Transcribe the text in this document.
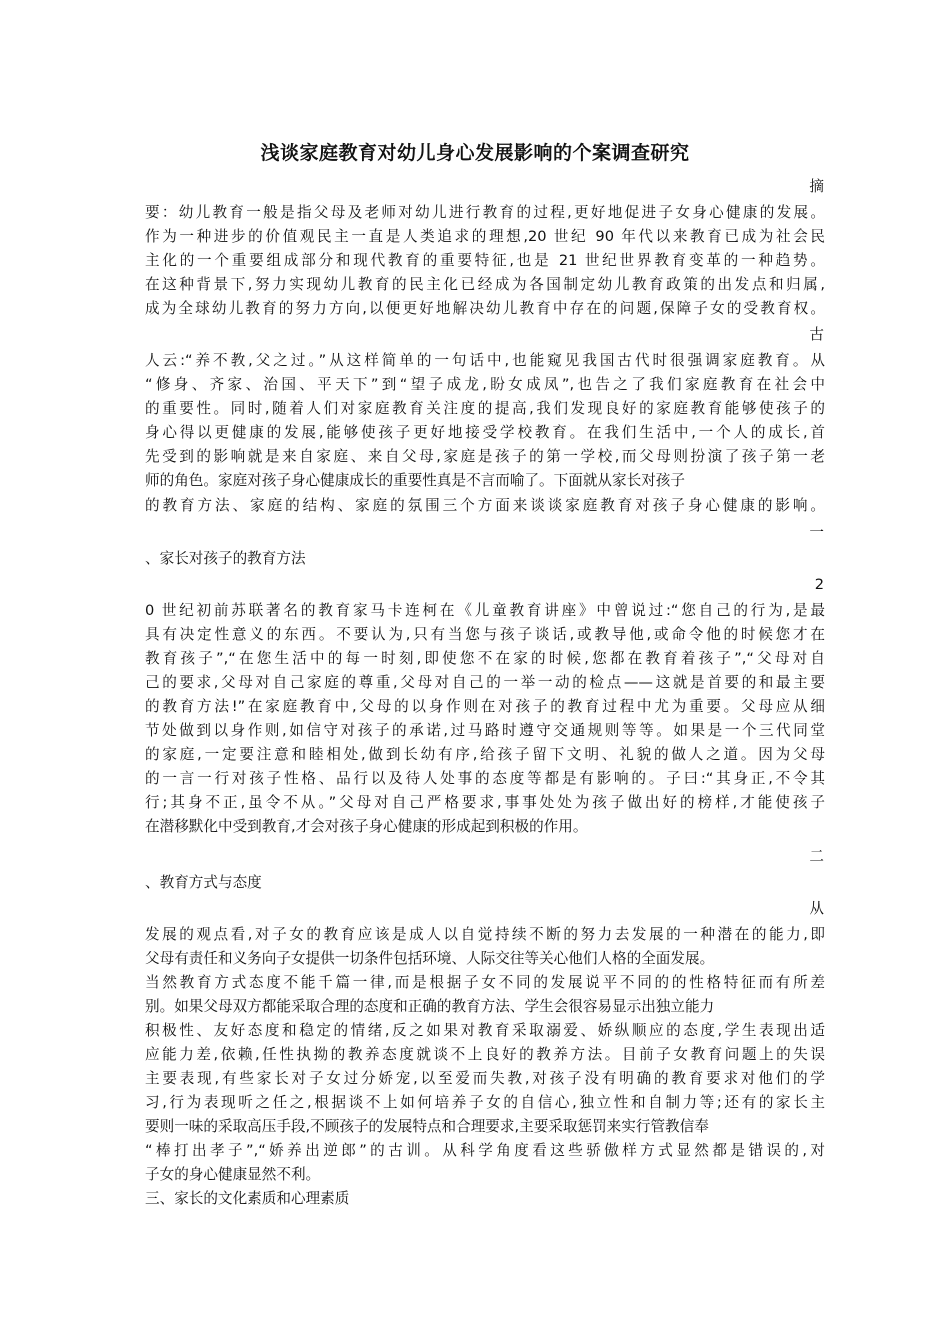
浅谈家庭教育对幼儿身心发展影响的个案调查研究
摘
要：幼儿教育一般是指父母及老师对幼儿进行教育的过程,更好地促进子女身心健康的发展。
作为一种进步的价值观民主一直是人类追求的理想,20 世纪 90 年代以来教育已成为社会民
主化的一个重要组成部分和现代教育的重要特征,也是 21 世纪世界教育变革的一种趋势。
在这种背景下,努力实现幼儿教育的民主化已经成为各国制定幼儿教育政策的出发点和归属,
成为全球幼儿教育的努力方向,以便更好地解决幼儿教育中存在的问题,保障子女的受教育权。
古
人云:“养不教,父之过。”从这样简单的一句话中,也能窥见我国古代时很强调家庭教育。从
“修身、齐家、治国、平天下”到“望子成龙,盼女成凤”,也告之了我们家庭教育在社会中
的重要性。同时,随着人们对家庭教育关注度的提高,我们发现良好的家庭教育能够使孩子的
身心得以更健康的发展,能够使孩子更好地接受学校教育。在我们生活中,一个人的成长,首
先受到的影响就是来自家庭、来自父母,家庭是孩子的第一学校,而父母则扮演了孩子第一老
师的角色。家庭对孩子身心健康成长的重要性真是不言而喻了。下面就从家长对孩子
的教育方法、家庭的结构、家庭的氛围三个方面来谈谈家庭教育对孩子身心健康的影响。
一
、家长对孩子的教育方法
2
0 世纪初前苏联著名的教育家马卡连柯在《儿童教育讲座》中曾说过:“您自己的行为,是最
具有决定性意义的东西。不要认为,只有当您与孩子谈话,或教导他,或命令他的时候您才在
教育孩子”,“在您生活中的每一时刻,即使您不在家的时候,您都在教育着孩子”,“父母对自
己的要求,父母对自己家庭的尊重,父母对自己的一举一动的检点——这就是首要的和最主要
的教育方法!”在家庭教育中,父母的以身作则在对孩子的教育过程中尤为重要。父母应从细
节处做到以身作则,如信守对孩子的承诺,过马路时遵守交通规则等等。如果是一个三代同堂
的家庭,一定要注意和睦相处,做到长幼有序,给孩子留下文明、礼貌的做人之道。因为父母
的一言一行对孩子性格、品行以及待人处事的态度等都是有影响的。子曰:“其身正,不令其
行;其身不正,虽令不从。”父母对自己严格要求,事事处处为孩子做出好的榜样,才能使孩子
在潜移默化中受到教育,才会对孩子身心健康的形成起到积极的作用。
二
、教育方式与态度
从
发展的观点看,对子女的教育应该是成人以自觉持续不断的努力去发展的一种潜在的能力,即
父母有责任和义务向子女提供一切条件包括环境、人际交往等关心他们人格的全面发展。
当然教育方式态度不能千篇一律,而是根据子女不同的发展说平不同的的性格特征而有所差
别。如果父母双方都能采取合理的态度和正确的教育方法、学生会很容易显示出独立能力
积极性、友好态度和稳定的情绪,反之如果对教育采取溺爱、娇纵顺应的态度,学生表现出适
应能力差,依赖,任性执拗的教养态度就谈不上良好的教养方法。目前子女教育问题上的失误
主要表现,有些家长对子女过分娇宠,以至爱而失教,对孩子没有明确的教育要求对他们的学
习,行为表现听之任之,根据谈不上如何培养子女的自信心,独立性和自制力等;还有的家长主
要则一味的采取高压手段,不顾孩子的发展特点和合理要求,主要采取惩罚来实行管教信奉
“棒打出孝子”,“娇养出逆郎”的古训。从科学角度看这些骄傲样方式显然都是错误的,对
子女的身心健康显然不利。
三、家长的文化素质和心理素质
